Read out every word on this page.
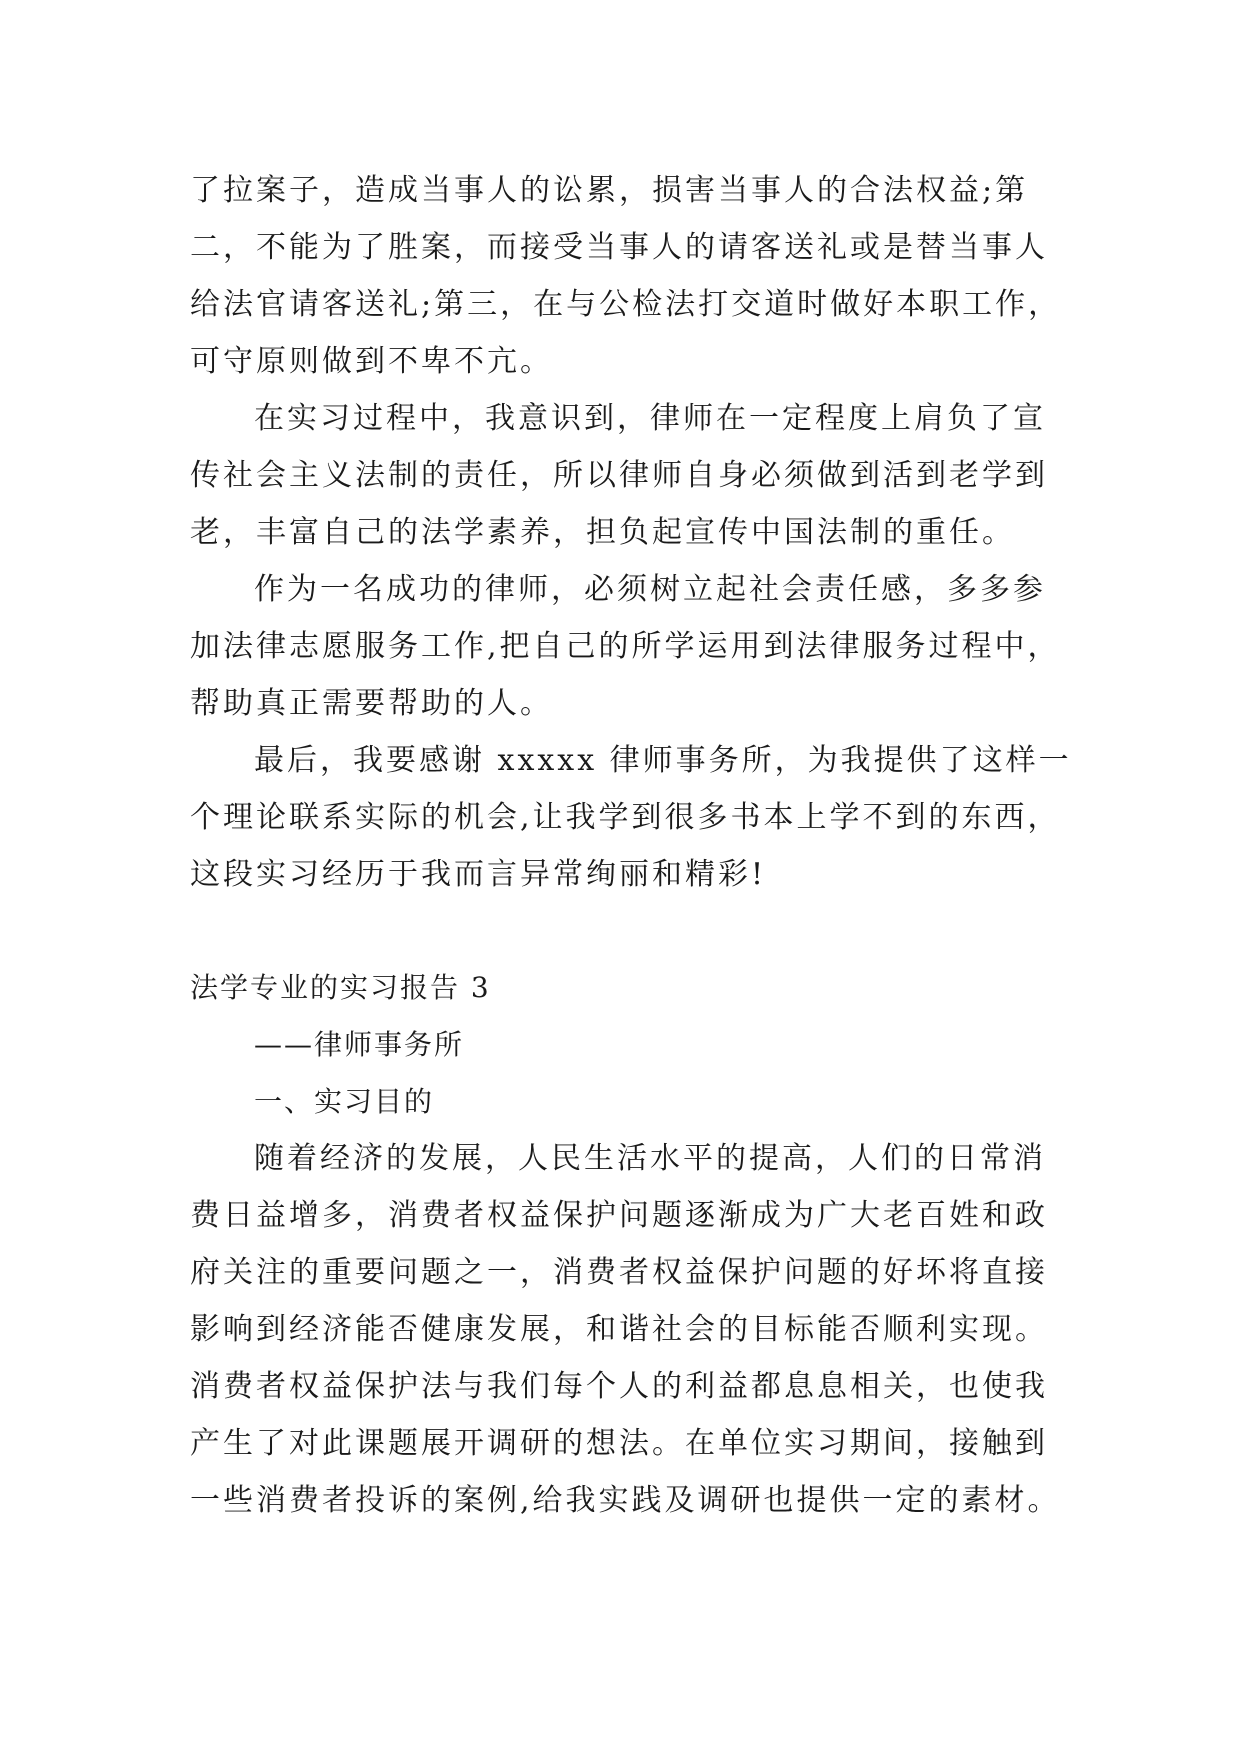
了拉案子，造成当事人的讼累，损害当事人的合法权益;第
二，不能为了胜案，而接受当事人的请客送礼或是替当事人
给法官请客送礼;第三，在与公检法打交道时做好本职工作，
可守原则做到不卑不亢。
在实习过程中，我意识到，律师在一定程度上肩负了宣
传社会主义法制的责任，所以律师自身必须做到活到老学到
老，丰富自己的法学素养，担负起宣传中国法制的重任。
作为一名成功的律师，必须树立起社会责任感，多多参
加法律志愿服务工作,把自己的所学运用到法律服务过程中，
帮助真正需要帮助的人。
最后，我要感谢 xxxxx 律师事务所，为我提供了这样一
个理论联系实际的机会,让我学到很多书本上学不到的东西，
这段实习经历于我而言异常绚丽和精彩!
法学专业的实习报告 3
——律师事务所
一、实习目的
随着经济的发展，人民生活水平的提高，人们的日常消
费日益增多，消费者权益保护问题逐渐成为广大老百姓和政
府关注的重要问题之一，消费者权益保护问题的好坏将直接
影响到经济能否健康发展，和谐社会的目标能否顺利实现。
消费者权益保护法与我们每个人的利益都息息相关，也使我
产生了对此课题展开调研的想法。在单位实习期间，接触到
一些消费者投诉的案例,给我实践及调研也提供一定的素材。
